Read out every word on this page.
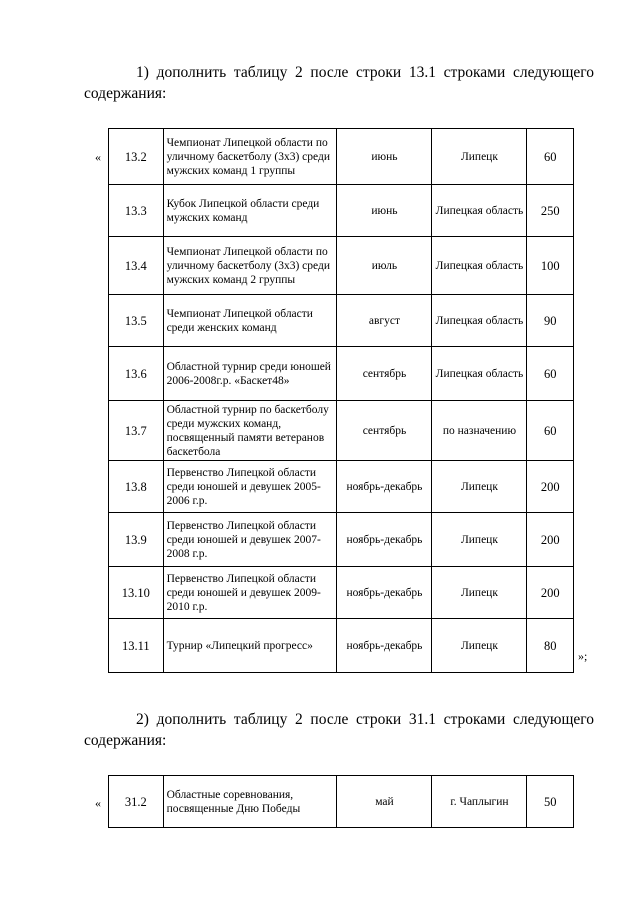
1) дополнить таблицу 2 после строки 13.1 строками следующего
содержания:
« 13.2	Чемпионат Липецкой области по уличному баскетболу (3х3) среди мужских команд 1 группы	июнь	Липецк	60
13.3	Кубок Липецкой области среди мужских команд	июнь	Липецкая область	250
13.4	Чемпионат Липецкой области по уличному баскетболу (3х3) среди мужских команд 2 группы	июль	Липецкая область	100
13.5	Чемпионат Липецкой области среди женских команд	август	Липецкая область	90
13.6	Областной турнир среди юношей 2006-2008г.р. «Баскет48»	сентябрь	Липецкая область	60
13.7	Областной турнир по баскетболу среди мужских команд, посвященный памяти ветеранов баскетбола	сентябрь	по назначению	60
13.8	Первенство Липецкой области среди юношей и девушек 2005-2006 г.р.	ноябрь-декабрь	Липецк	200
13.9	Первенство Липецкой области среди юношей и девушек 2007-2008 г.р.	ноябрь-декабрь	Липецк	200
13.10	Первенство Липецкой области среди юношей и девушек 2009-2010 г.р.	ноябрь-декабрь	Липецк	200
13.11	Турнир «Липецкий прогресс»	ноябрь-декабрь	Липецк	80
»;
2) дополнить таблицу 2 после строки 31.1 строками следующего
содержания:
« 31.2	Областные соревнования, посвященные Дню Победы	май	г. Чаплыгин	50
